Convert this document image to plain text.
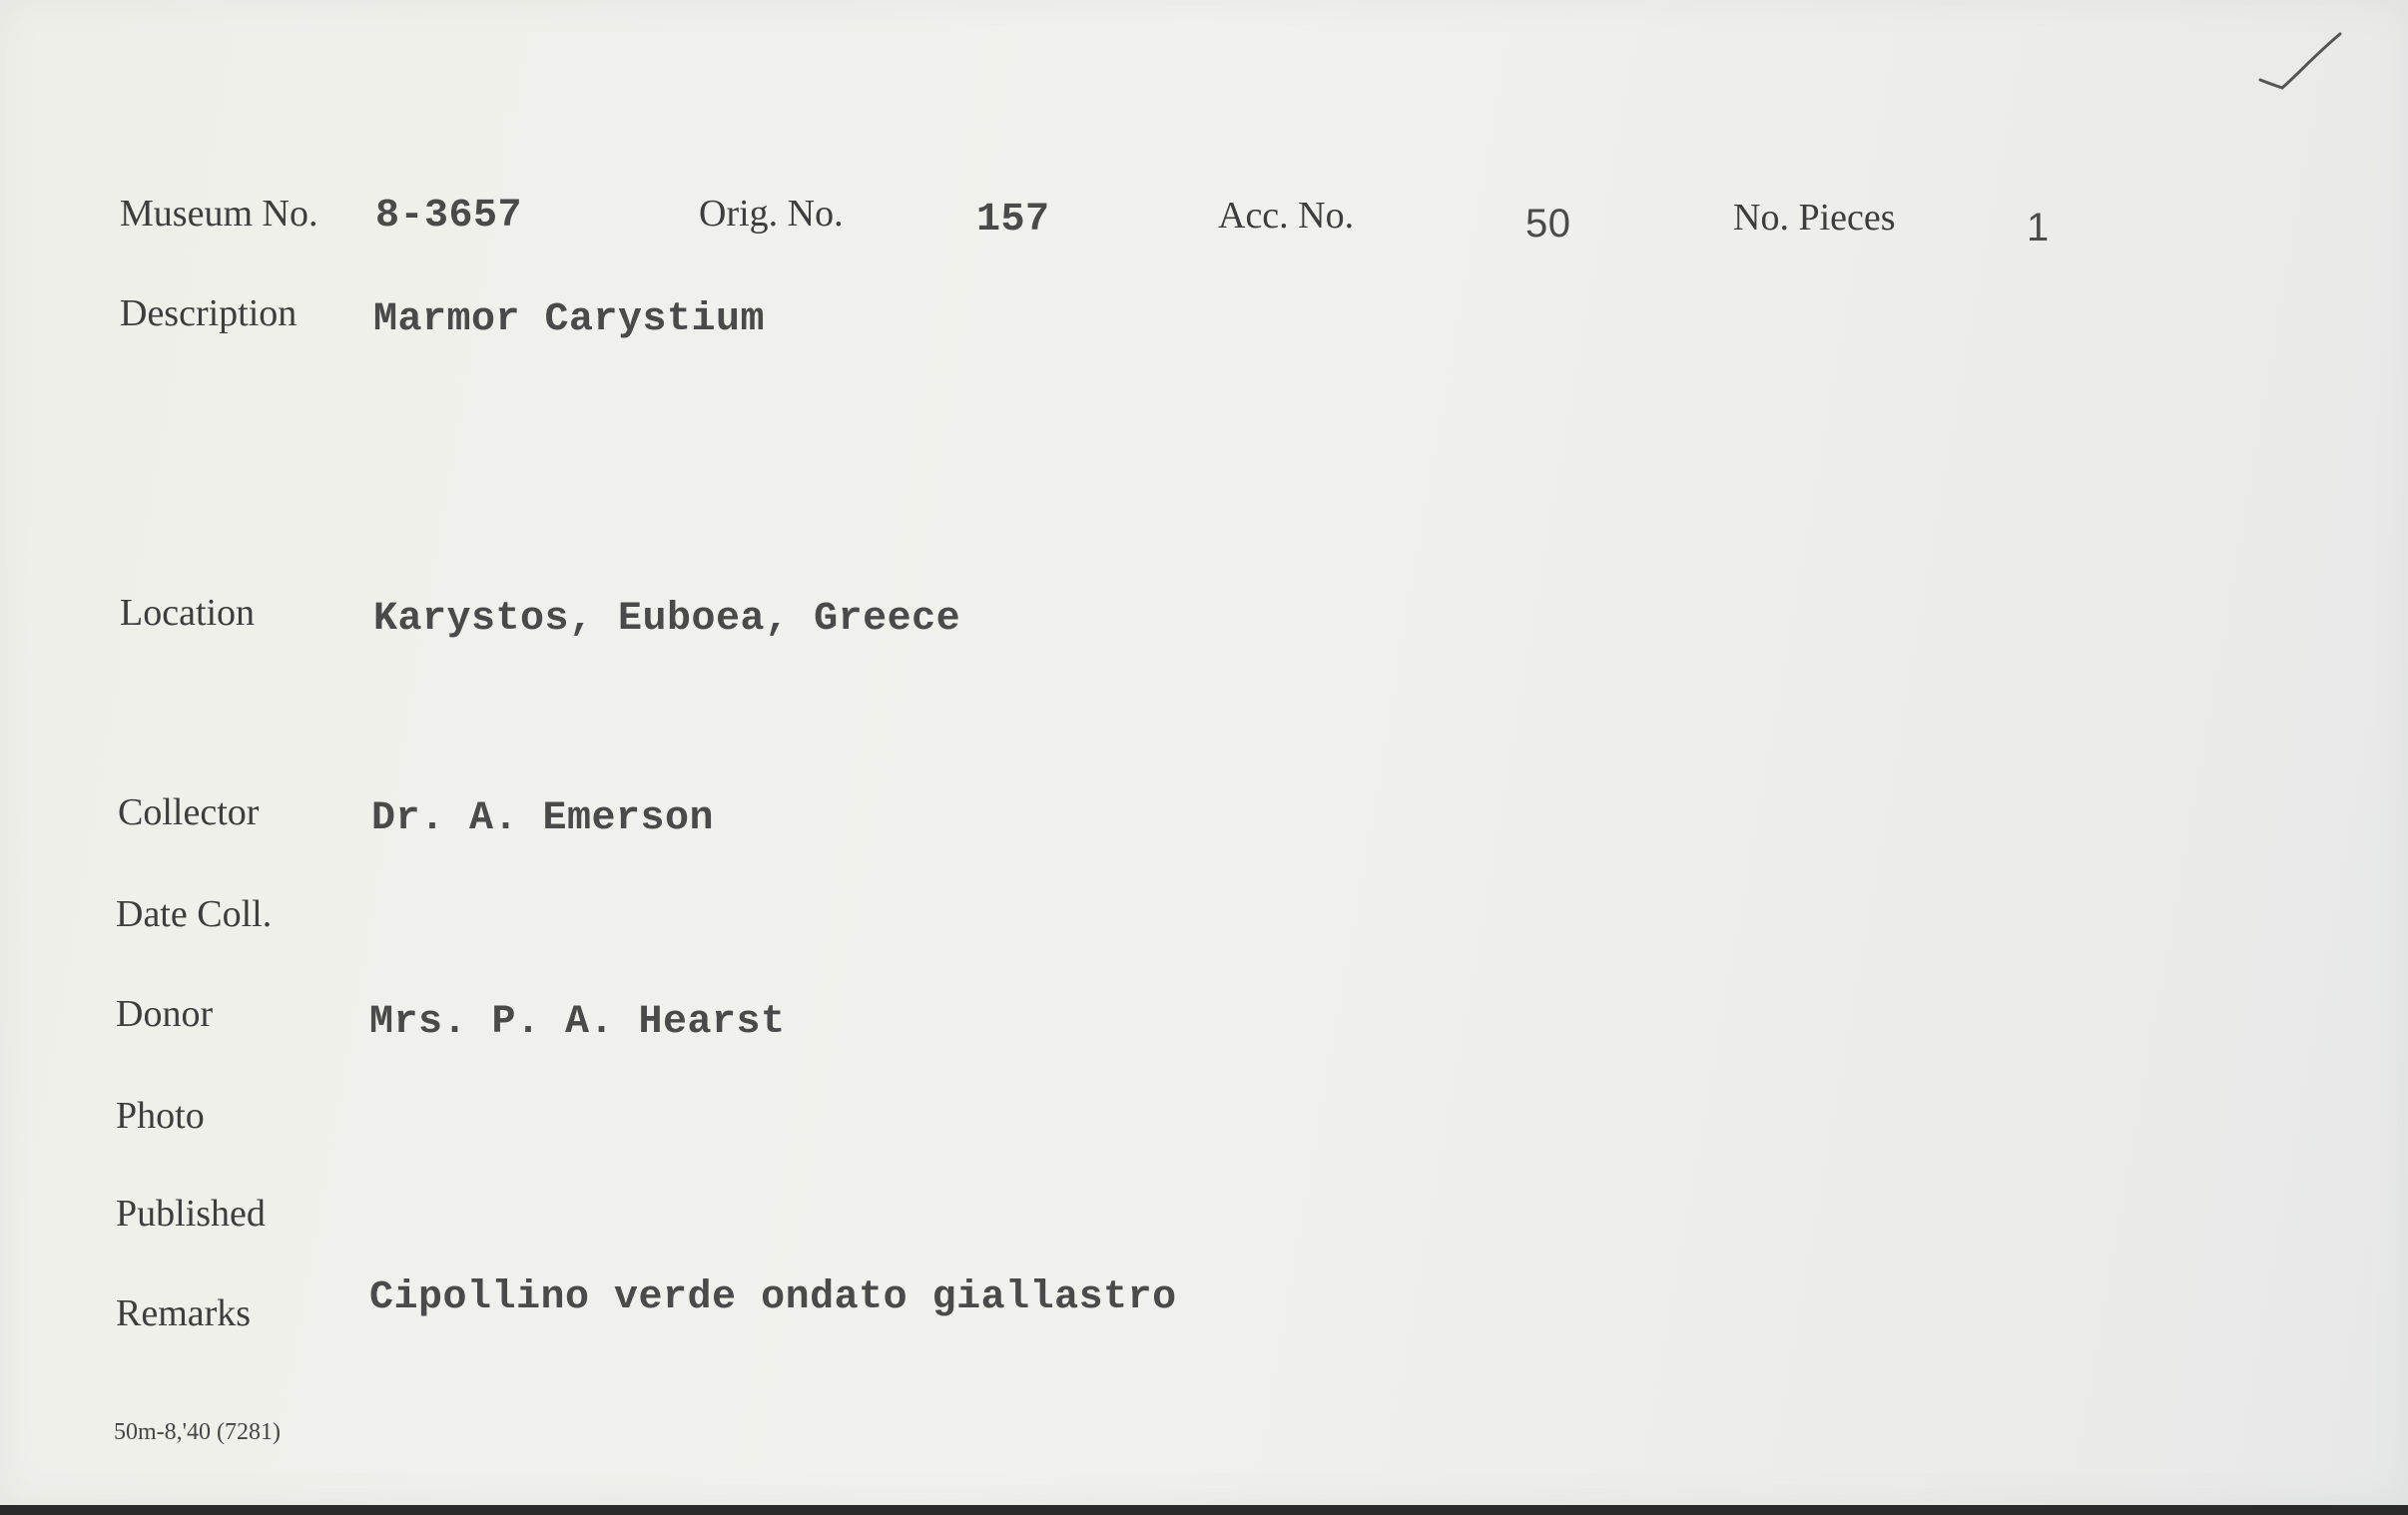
Museum No. 8-3657	Orig. No.	157	Acc. No.	50	No. Pieces	1
Description Marmor Carystium
Location	Karystos, Euboea, Greece
Collector	Dr. A. Emerson
Date Coll.
Donor	Mrs. P. A. Hearst
Photo
Published
Remarks	Cipollino verde ondato giallastro
50m-8,'40 (7281)
